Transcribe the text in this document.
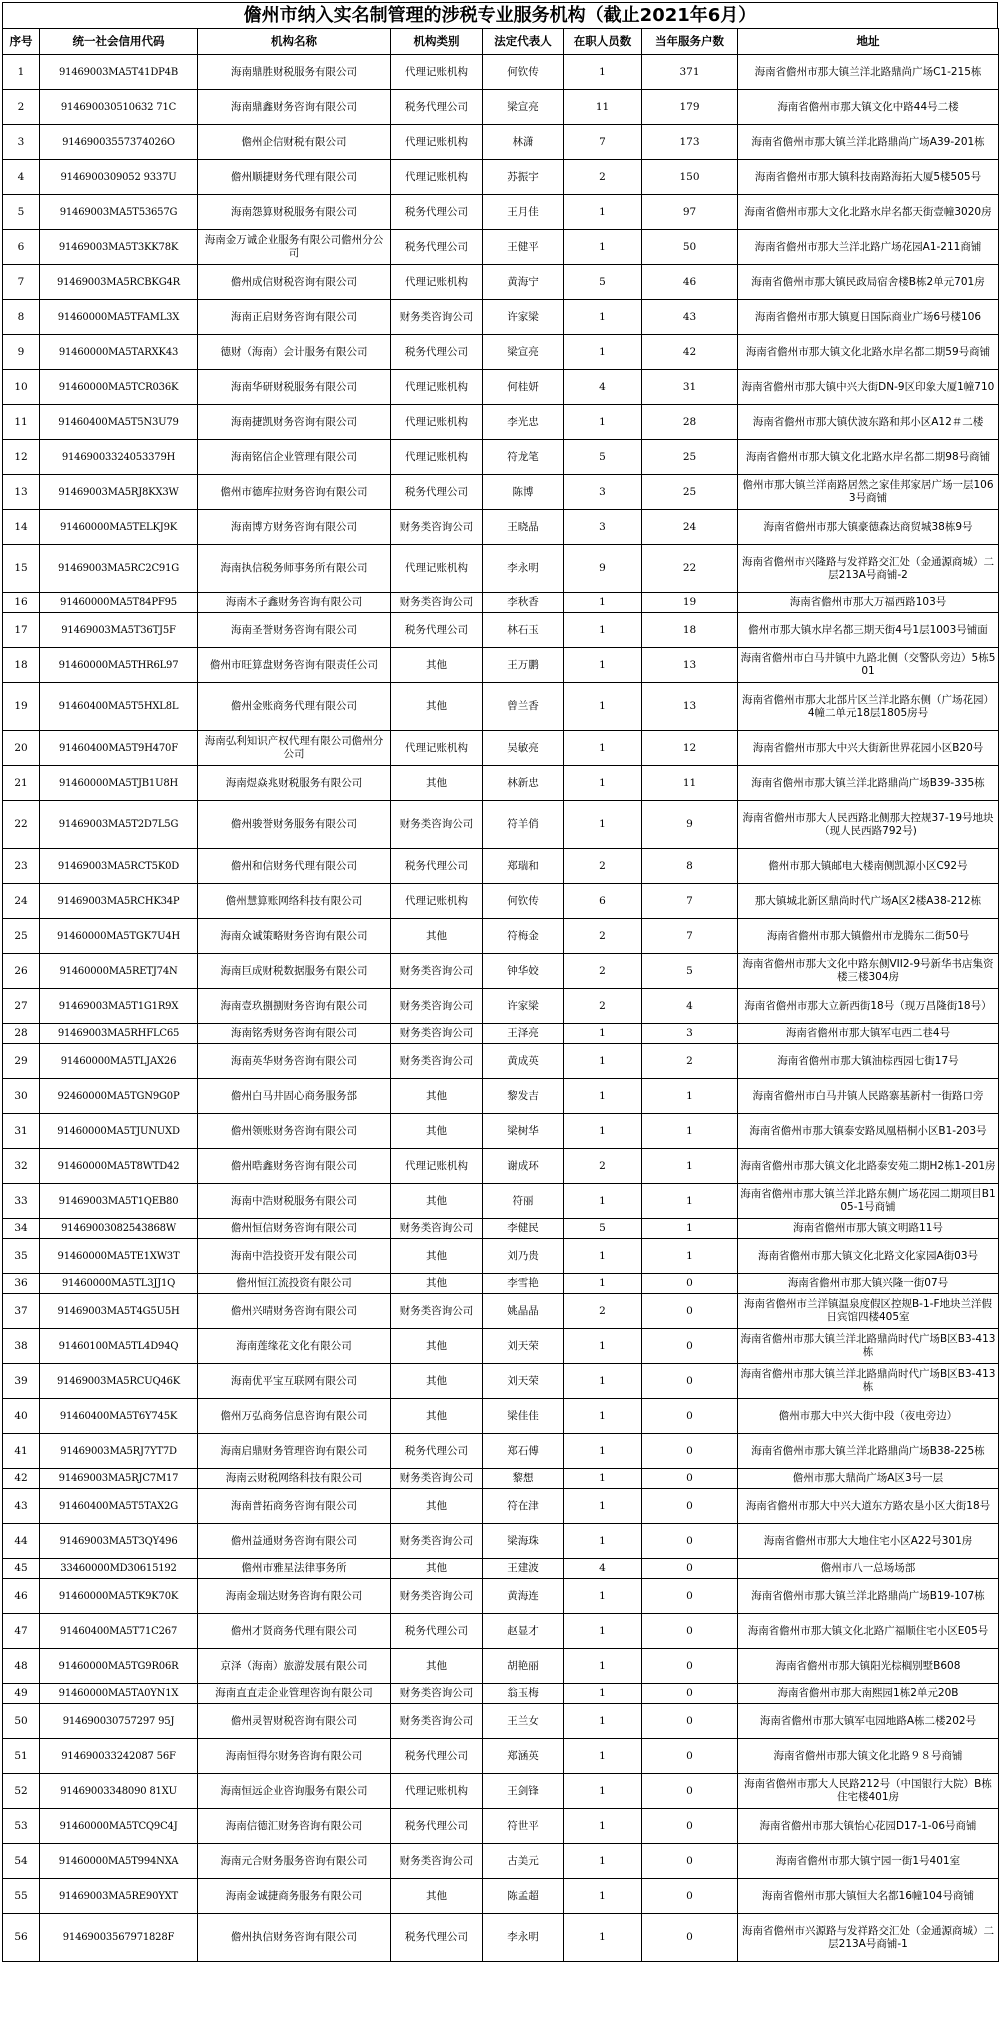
儋州市纳入实名制管理的涉税专业服务机构（截止2021年6月）
序号	统一社会信用代码	机构名称	机构类别	法定代表人	在职人员数	当年服务户数	地址
1	91469003MA5T41DP4B	海南鼎胜财税服务有限公司	代理记账机构	何钦传	1	371	海南省儋州市那大镇兰洋北路鼎尚广场C1-215栋
2	914690030510632 71C	海南鼎鑫财务咨询有限公司	税务代理公司	梁宣亮	11	179	海南省儋州市那大镇文化中路44号二楼
3	91469003557374026O	儋州企信财税有限公司	代理记账机构	林潇	7	173	海南省儋州市那大镇兰洋北路鼎尚广场A39-201栋
4	9146900309052 9337U	儋州顺捷财务代理有限公司	代理记账机构	苏振宇	2	150	海南省儋州市那大镇科技南路海拓大厦5楼505号
5	91469003MA5T53657G	海南怨算财税服务有限公司	税务代理公司	王月佳	1	97	海南省儋州市那大文化北路水岸名都天街壹幢3020房
6	91469003MA5T3KK78K	海南金万诚企业服务有限公司儋州分公司	税务代理公司	王健平	1	50	海南省儋州市那大兰洋北路广场花园A1-211商铺
7	91469003MA5RCBKG4R	儋州成信财税咨询有限公司	代理记账机构	黄海宁	5	46	海南省儋州市那大镇民政局宿舍楼B栋2单元701房
8	91460000MA5TFAML3X	海南正启财务咨询有限公司	财务类咨询公司	许家梁	1	43	海南省儋州市那大镇夏日国际商业广场6号楼106
9	91460000MA5TARXK43	德财（海南）会计服务有限公司	税务代理公司	梁宣亮	1	42	海南省儋州市那大镇文化北路水岸名都二期59号商铺
10	91460000MA5TCR036K	海南华研财税服务有限公司	代理记账机构	何桂妍	4	31	海南省儋州市那大镇中兴大街DN-9区印象大厦1幢710
11	91460400MA5T5N3U79	海南捷凯财务咨询有限公司	代理记账机构	李光忠	1	28	海南省儋州市那大镇伏波东路和邦小区A12＃二楼
12	91469003324053379H	海南铭信企业管理有限公司	代理记账机构	符龙笔	5	25	海南省儋州市那大镇文化北路水岸名都二期98号商铺
13	91469003MA5RJ8KX3W	儋州市德库拉财务咨询有限公司	税务代理公司	陈博	3	25	儋州市那大镇兰洋南路居然之家佳邦家居广场一层1063号商铺
14	91460000MA5TELKJ9K	海南博方财务咨询有限公司	财务类咨询公司	王晓晶	3	24	海南省儋州市那大镇豪德森达商贸城38栋9号
15	91469003MA5RC2C91G	海南执信税务师事务所有限公司	代理记账机构	李永明	9	22	海南省儋州市兴隆路与发祥路交汇处（金通源商城）二层213A号商铺-2
16	91460000MA5T84PF95	海南木子鑫财务咨询有限公司	财务类咨询公司	李秋香	1	19	海南省儋州市那大万福西路103号
17	91469003MA5T36TJ5F	海南圣誉财务咨询有限公司	税务代理公司	林石玉	1	18	儋州市那大镇水岸名都三期天街4号1层1003号铺面
18	91460000MA5THR6L97	儋州市旺算盘财务咨询有限责任公司	其他	王万鹏	1	13	海南省儋州市白马井镇中九路北侧（交警队旁边）5栋501
19	91460400MA5T5HXL8L	儋州金账商务代理有限公司	其他	曾兰香	1	13	海南省儋州市那大北部片区兰洋北路东侧（广场花园）4幢二单元18层1805房号
20	91460400MA5T9H470F	海南弘利知识产权代理有限公司儋州分公司	代理记账机构	吴敏亮	1	12	海南省儋州市那大中兴大街新世界花园小区B20号
21	91460000MA5TJB1U8H	海南煜焱兆财税服务有限公司	其他	林新忠	1	11	海南省儋州市那大镇兰洋北路鼎尚广场B39-335栋
22	91469003MA5T2D7L5G	儋州骏誉财务服务有限公司	财务类咨询公司	符羊俏	1	9	海南省儋州市那大人民西路北侧那大控规37-19号地块（现人民西路792号)
23	91469003MA5RCT5K0D	儋州和信财务代理有限公司	税务代理公司	郑瑞和	2	8	儋州市那大镇邮电大楼南侧凯源小区C92号
24	91469003MA5RCHK34P	儋州慧算账网络科技有限公司	代理记账机构	何钦传	6	7	那大镇城北新区鼎尚时代广场A区2楼A38-212栋
25	91460000MA5TGK7U4H	海南众诚策略财务咨询有限公司	其他	符梅金	2	7	海南省儋州市那大镇儋州市龙腾东二街50号
26	91460000MA5RETJ74N	海南巨成财税数据服务有限公司	财务类咨询公司	钟华姣	2	5	海南省儋州市那大文化中路东侧VII2-9号新华书店集资楼三楼304房
27	91469003MA5T1G1R9X	海南壹玖捌捌财务咨询有限公司	财务类咨询公司	许家梁	2	4	海南省儋州市那大立新西街18号（现万昌隆街18号）
28	91469003MA5RHFLC65	海南铭秀财务咨询有限公司	财务类咨询公司	王泽亮	1	3	海南省儋州市那大镇军屯西二巷4号
29	91460000MA5TLJAX26	海南英华财务咨询有限公司	财务类咨询公司	黄成英	1	2	海南省儋州市那大镇油棕西园七街17号
30	92460000MA5TGN9G0P	儋州白马井固心商务服务部	其他	黎发吉	1	1	海南省儋州市白马井镇人民路寨基新村一街路口旁
31	91460000MA5TJUNUXD	儋州领账财务咨询有限公司	其他	梁树华	1	1	海南省儋州市那大镇泰安路凤凰梧桐小区B1-203号
32	91460000MA5T8WTD42	儋州晧鑫财务咨询有限公司	代理记账机构	谢成环	2	1	海南省儋州市那大镇文化北路泰安苑二期H2栋1-201房
33	91469003MA5T1QEB80	海南中浩财税服务有限公司	其他	符丽	1	1	海南省儋州市那大镇兰洋北路东侧广场花园二期项目B105-1号商铺
34	91469003082543868W	儋州恒信财务咨询有限公司	财务类咨询公司	李健民	5	1	海南省儋州市那大镇文明路11号
35	91460000MA5TE1XW3T	海南中浩投资开发有限公司	其他	刘乃贵	1	1	海南省儋州市那大镇文化北路文化家园A街03号
36	91460000MA5TL3JJ1Q	儋州恒江流投资有限公司	其他	李雪艳	1	0	海南省儋州市那大镇兴隆一街07号
37	91469003MA5T4G5U5H	儋州兴晴财务咨询有限公司	财务类咨询公司	姚晶晶	2	0	海南省儋州市兰洋镇温泉度假区控规B-1-F地块兰洋假日宾馆四楼405室
38	91460100MA5TL4D94Q	海南莲缘花文化有限公司	其他	刘天荣	1	0	海南省儋州市那大镇兰洋北路鼎尚时代广场B区B3-413栋
39	91469003MA5RCUQ46K	海南优平宝互联网有限公司	其他	刘天荣	1	0	海南省儋州市那大镇兰洋北路鼎尚时代广场B区B3-413栋
40	91460400MA5T6Y745K	儋州万弘商务信息咨询有限公司	其他	梁佳佳	1	0	儋州市那大中兴大街中段（夜电旁边）
41	91469003MA5RJ7YT7D	海南启鼎财务管理咨询有限公司	税务代理公司	郑石傅	1	0	海南省儋州市那大镇兰洋北路鼎尚广场B38-225栋
42	91469003MA5RJC7M17	海南云财税网络科技有限公司	财务类咨询公司	黎想	1	0	儋州市那大鼎尚广场A区3号一层
43	91460400MA5T5TAX2G	海南普拓商务咨询有限公司	其他	符在津	1	0	海南省儋州市那大中兴大道东方路农垦小区大街18号
44	91469003MA5T3QY496	儋州益通财务咨询有限公司	财务类咨询公司	梁海珠	1	0	海南省儋州市那大大地住宅小区A22号301房
45	33460000MD30615192	儋州市雅星法律事务所	其他	王建波	4	0	儋州市八一总场场部
46	91460000MA5TK9K70K	海南金瑞达财务咨询有限公司	财务类咨询公司	黄海连	1	0	海南省儋州市那大镇兰洋北路鼎尚广场B19-107栋
47	91460400MA5T71C267	儋州才贤商务代理有限公司	税务代理公司	赵显才	1	0	海南省儋州市那大镇文化北路广福顺住宅小区E05号
48	91460000MA5TG9R06R	京泽（海南）旅游发展有限公司	其他	胡艳丽	1	0	海南省儋州市那大镇阳光棕榈别墅B608
49	91460000MA5TA0YN1X	海南直直走企业管理咨询有限公司	财务类咨询公司	翁玉梅	1	0	海南省儋州市那大南熙园1栋2单元20B
50	914690030757297 95J	儋州灵智财税咨询有限公司	财务类咨询公司	王兰女	1	0	海南省儋州市那大镇军屯园地路A栋二楼202号
51	914690033242087 56F	海南恒得尔财务咨询有限公司	税务代理公司	郑涵英	1	0	海南省儋州市那大镇文化北路９８号商铺
52	91469003348090 81XU	海南恒远企业咨询服务有限公司	代理记账机构	王剑锋	1	0	海南省儋州市那大人民路212号（中国银行大院）B栋住宅楼401房
53	91460000MA5TCQ9C4J	海南信德汇财务咨询有限公司	税务代理公司	符世平	1	0	海南省儋州市那大镇怡心花园D17-1-06号商铺
54	91460000MA5T994NXA	海南元合财务服务咨询有限公司	财务类咨询公司	古美元	1	0	海南省儋州市那大镇宁园一街1号401室
55	91469003MA5RE90YXT	海南金诚捷商务服务有限公司	其他	陈孟超	1	0	海南省儋州市那大镇恒大名都16幢104号商铺
56	91469003567971828F	儋州执信财务咨询有限公司	税务代理公司	李永明	1	0	海南省儋州市兴源路与发祥路交汇处（金通源商城）二层213A号商铺-1
